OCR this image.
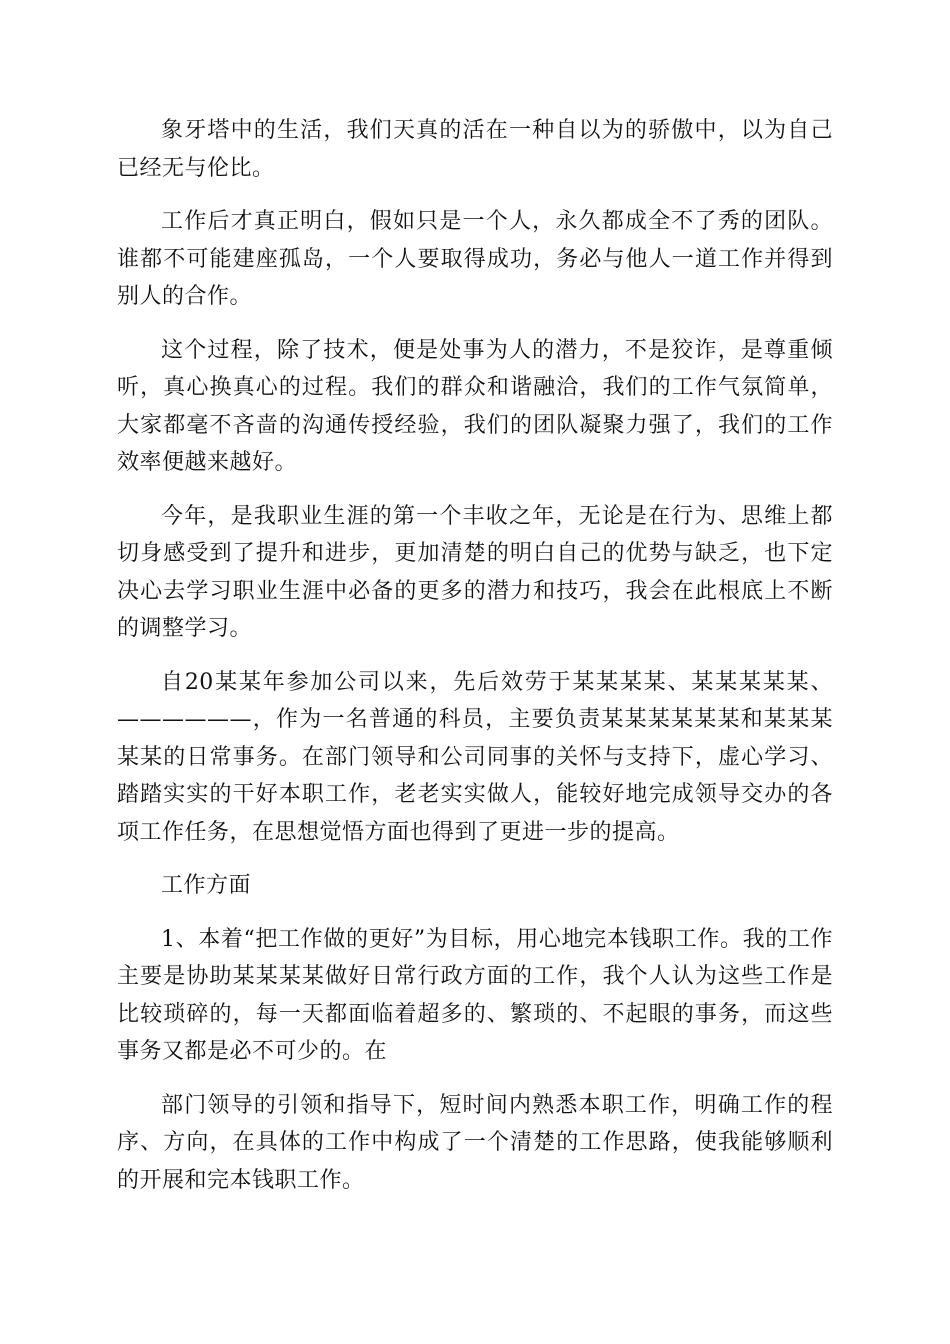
象牙塔中的生活，我们天真的活在一种自以为的骄傲中，以为自己已经无与伦比。

工作后才真正明白，假如只是一个人，永久都成全不了秀的团队。谁都不可能建座孤岛，一个人要取得成功，务必与他人一道工作并得到别人的合作。

这个过程，除了技术，便是处事为人的潜力，不是狡诈，是尊重倾听，真心换真心的过程。我们的群众和谐融洽，我们的工作气氛简单，大家都毫不吝啬的沟通传授经验，我们的团队凝聚力强了，我们的工作效率便越来越好。

今年，是我职业生涯的第一个丰收之年，无论是在行为、思维上都切身感受到了提升和进步，更加清楚的明白自己的优势与缺乏，也下定决心去学习职业生涯中必备的更多的潜力和技巧，我会在此根底上不断的调整学习。

自20某某年参加公司以来，先后效劳于某某某某、某某某某某、——————，作为一名普通的科员，主要负责某某某某某某和某某某某某的日常事务。在部门领导和公司同事的关怀与支持下，虚心学习、踏踏实实的干好本职工作，老老实实做人，能较好地完成领导交办的各项工作任务，在思想觉悟方面也得到了更进一步的提高。

工作方面

1、本着“把工作做的更好”为目标，用心地完本钱职工作。我的工作主要是协助某某某某做好日常行政方面的工作，我个人认为这些工作是比较琐碎的，每一天都面临着超多的、繁琐的、不起眼的事务，而这些事务又都是必不可少的。在

部门领导的引领和指导下，短时间内熟悉本职工作，明确工作的程序、方向，在具体的工作中构成了一个清楚的工作思路，使我能够顺利的开展和完本钱职工作。
